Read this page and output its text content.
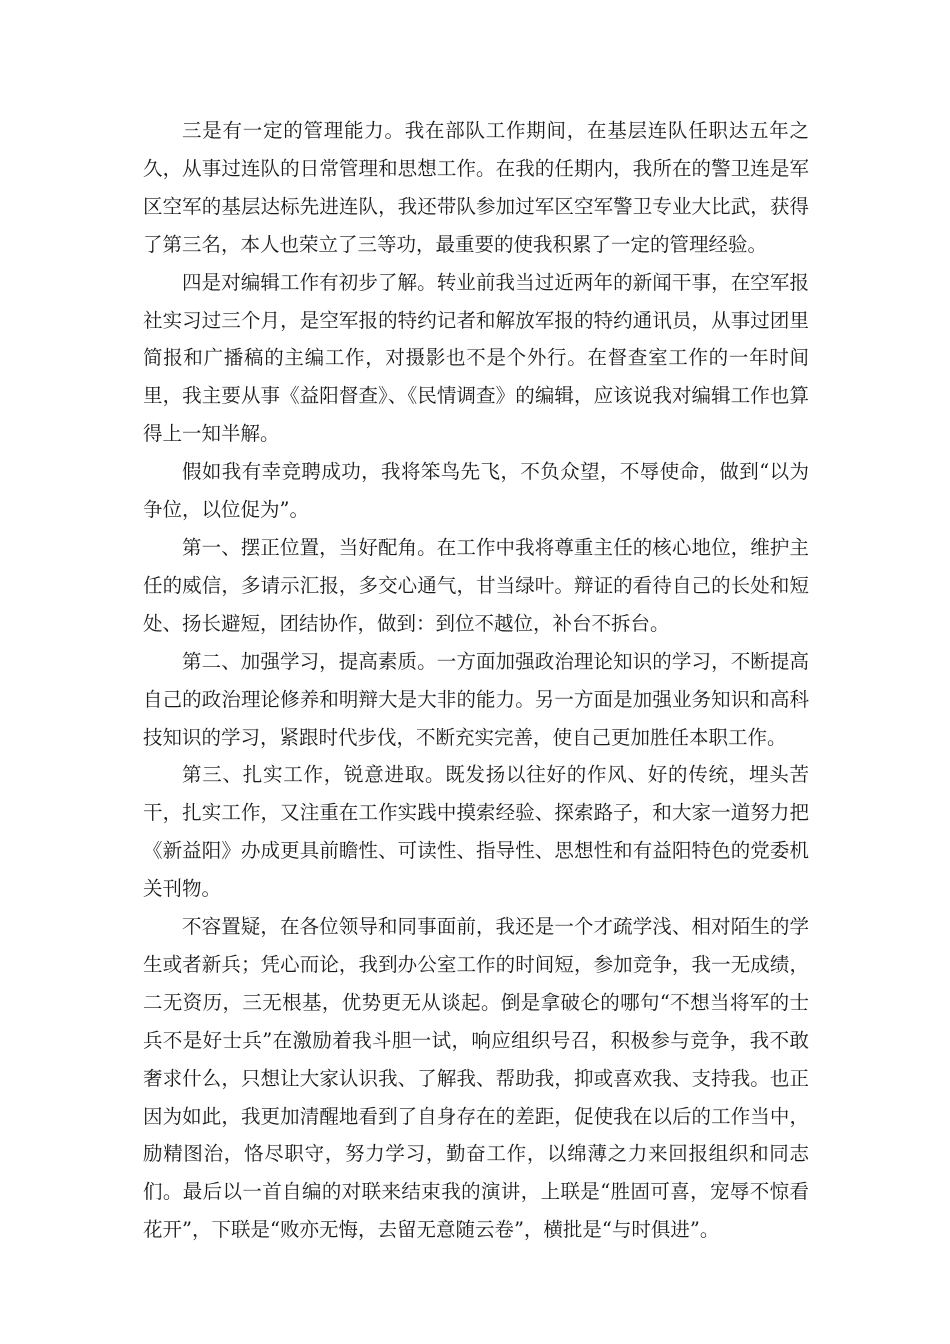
三是有一定的管理能力。我在部队工作期间，在基层连队任职达五年之久，从事过连队的日常管理和思想工作。在我的任期内，我所在的警卫连是军区空军的基层达标先进连队，我还带队参加过军区空军警卫专业大比武，获得了第三名，本人也荣立了三等功，最重要的使我积累了一定的管理经验。

四是对编辑工作有初步了解。转业前我当过近两年的新闻干事，在空军报社实习过三个月，是空军报的特约记者和解放军报的特约通讯员，从事过团里简报和广播稿的主编工作，对摄影也不是个外行。在督查室工作的一年时间里，我主要从事《益阳督查》、《民情调查》的编辑，应该说我对编辑工作也算得上一知半解。

假如我有幸竞聘成功，我将笨鸟先飞，不负众望，不辱使命，做到“以为争位，以位促为”。

第一、摆正位置，当好配角。在工作中我将尊重主任的核心地位，维护主任的威信，多请示汇报，多交心通气，甘当绿叶。辩证的看待自己的长处和短处、扬长避短，团结协作，做到：到位不越位，补台不拆台。

第二、加强学习，提高素质。一方面加强政治理论知识的学习，不断提高自己的政治理论修养和明辩大是大非的能力。另一方面是加强业务知识和高科技知识的学习，紧跟时代步伐，不断充实完善，使自己更加胜任本职工作。

第三、扎实工作，锐意进取。既发扬以往好的作风、好的传统，埋头苦干，扎实工作，又注重在工作实践中摸索经验、探索路子，和大家一道努力把《新益阳》办成更具前瞻性、可读性、指导性、思想性和有益阳特色的党委机关刊物。

不容置疑，在各位领导和同事面前，我还是一个才疏学浅、相对陌生的学生或者新兵；凭心而论，我到办公室工作的时间短，参加竞争，我一无成绩，二无资历，三无根基，优势更无从谈起。倒是拿破仑的哪句“不想当将军的士兵不是好士兵”在激励着我斗胆一试，响应组织号召，积极参与竞争，我不敢奢求什么，只想让大家认识我、了解我、帮助我，抑或喜欢我、支持我。也正因为如此，我更加清醒地看到了自身存在的差距，促使我在以后的工作当中，励精图治，恪尽职守，努力学习，勤奋工作，以绵薄之力来回报组织和同志们。最后以一首自编的对联来结束我的演讲，上联是“胜固可喜，宠辱不惊看花开”，下联是“败亦无悔，去留无意随云卷”，横批是“与时俱进”。
